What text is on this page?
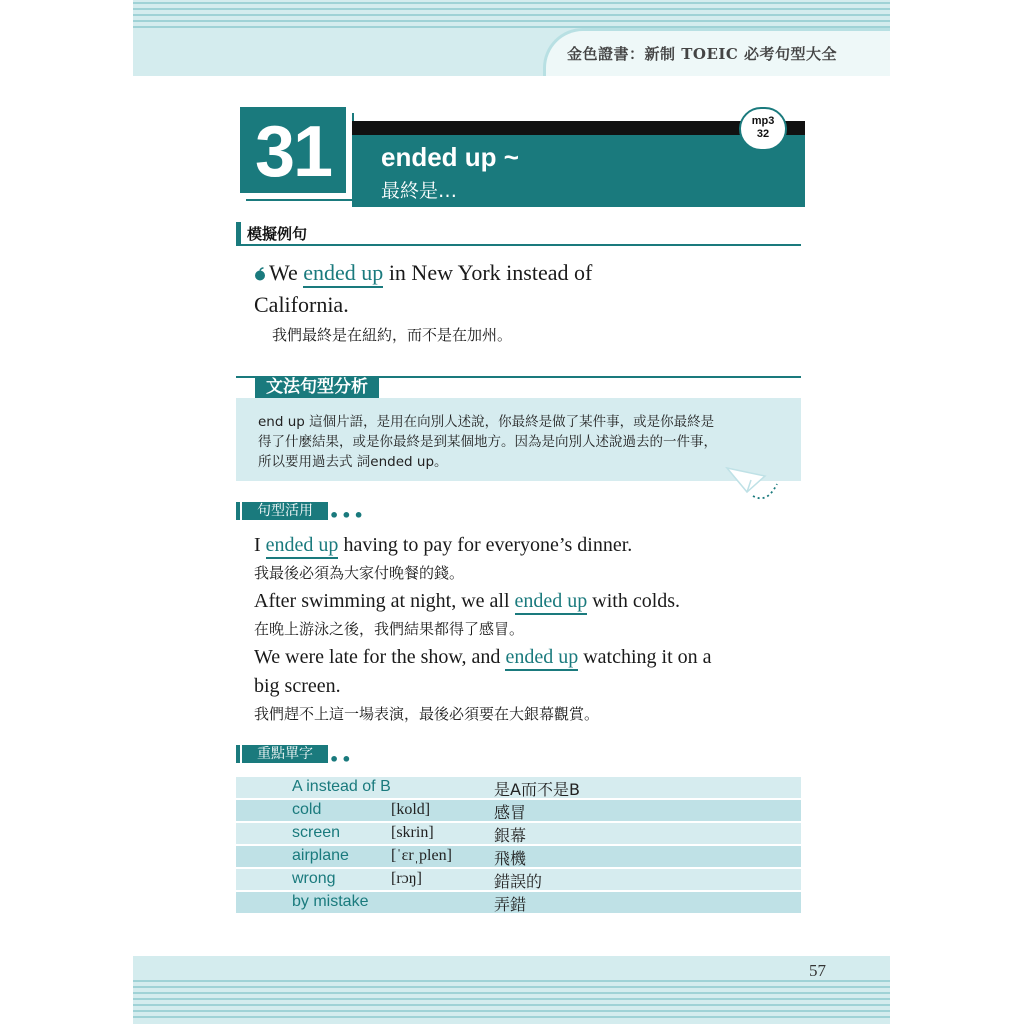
金色證書：新制 TOEIC 必考句型大全
31	ended up ~
最終是…
mp3
32
模擬例句
We ended up in New York instead of
California.
我們最終是在紐約，而不是在加州。
文法句型分析

end up 這個片語，是用在向別人述說，你最終是做了某件事，或是你最終是

得了什麼結果，或是你最終是到某個地方。因為是向別人述說過去的一件事，

所以要用過去式 詞ended up。

句型活用	•••
I ended up having to pay for everyone’s dinner.
我最後必須為大家付晚餐的錢。
After swimming at night, we all ended up with colds.
在晚上游泳之後，我們結果都得了感冒。
We were late for the show, and ended up watching it on a
big screen.
我們趕不上這一場表演，最後必須要在大銀幕觀賞。
重點單字	••
A instead of B	是A而不是B
cold	[kold]	感冒
screen	[skrin]	銀幕
airplane	[ˈɛrˌplen]	飛機
wrong	[rɔŋ]	錯誤的
by mistake	弄錯
57
